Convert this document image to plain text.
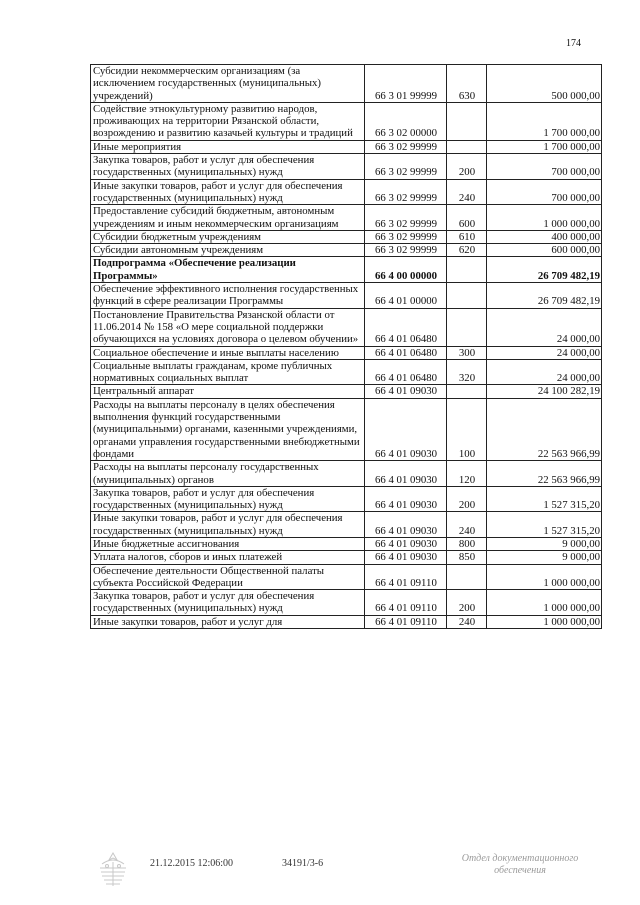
174
Субсидии некоммерческим организациям (за исключением государственных (муниципальных) учреждений)	66 3 01 99999	630	500 000,00
Содействие этнокультурному развитию народов, проживающих на территории Рязанской области, возрождению и развитию казачьей культуры и традиций	66 3 02 00000		1 700 000,00
Иные мероприятия	66 3 02 99999		1 700 000,00
Закупка товаров, работ и услуг для обеспечения государственных (муниципальных) нужд	66 3 02 99999	200	700 000,00
Иные закупки товаров, работ и услуг для обеспечения государственных (муниципальных) нужд	66 3 02 99999	240	700 000,00
Предоставление субсидий бюджетным, автономным учреждениям и иным некоммерческим организациям	66 3 02 99999	600	1 000 000,00
Субсидии бюджетным учреждениям	66 3 02 99999	610	400 000,00
Субсидии автономным учреждениям	66 3 02 99999	620	600 000,00
Подпрограмма «Обеспечение реализации Программы»	66 4 00 00000		26 709 482,19
Обеспечение эффективного исполнения государственных функций в сфере реализации Программы	66 4 01 00000		26 709 482,19
Постановление Правительства Рязанской области от 11.06.2014 № 158 «О мере социальной поддержки обучающихся на условиях договора о целевом обучении»	66 4 01 06480		24 000,00
Социальное обеспечение и иные выплаты населению	66 4 01 06480	300	24 000,00
Социальные выплаты гражданам, кроме публичных нормативных социальных выплат	66 4 01 06480	320	24 000,00
Центральный аппарат	66 4 01 09030		24 100 282,19
Расходы на выплаты персоналу в целях обеспечения выполнения функций государственными (муниципальными) органами, казенными учреждениями, органами управления государственными внебюджетными фондами	66 4 01 09030	100	22 563 966,99
Расходы на выплаты персоналу государственных (муниципальных) органов	66 4 01 09030	120	22 563 966,99
Закупка товаров, работ и услуг для обеспечения государственных (муниципальных) нужд	66 4 01 09030	200	1 527 315,20
Иные закупки товаров, работ и услуг для обеспечения государственных (муниципальных) нужд	66 4 01 09030	240	1 527 315,20
Иные бюджетные ассигнования	66 4 01 09030	800	9 000,00
Уплата налогов, сборов и иных платежей	66 4 01 09030	850	9 000,00
Обеспечение деятельности Общественной палаты субъекта Российской Федерации	66 4 01 09110		1 000 000,00
Закупка товаров, работ и услуг для обеспечения государственных (муниципальных) нужд	66 4 01 09110	200	1 000 000,00
Иные закупки товаров, работ и услуг для	66 4 01 09110	240	1 000 000,00
21.12.2015 12:06:00	34191/3-6	Отдел документационного
обеспечения
